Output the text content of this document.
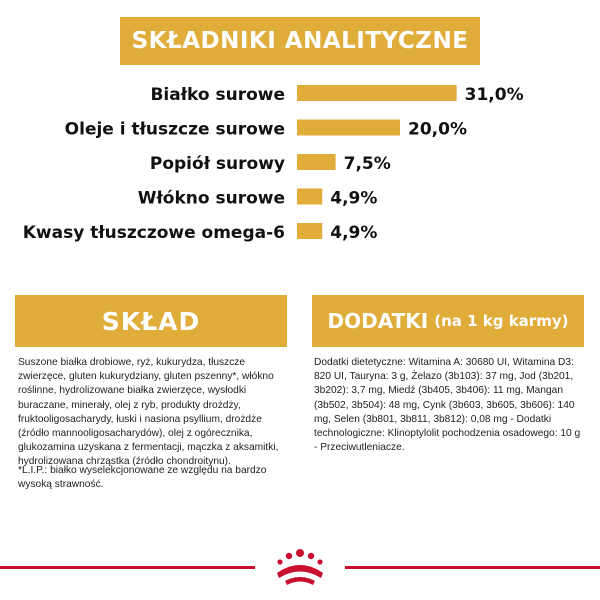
SKŁADNIKI ANALITYCZNE
Białko surowe	31,0%
Oleje i tłuszcze surowe	20,0%
Popiół surowy	7,5%
Włókno surowe	4,9%
Kwasy tłuszczowe omega-6	4,9%
SKŁAD	DODATKI (na 1 kg karmy)
Suszone białka drobiowe, ryż, kukurydza, tłuszcze zwierzęce, gluten kukurydziany, gluten pszenny*, włókno roślinne, hydrolizowane białka zwierzęce, wysłodki buraczane, minerały, olej z ryb, produkty drożdży, fruktooligosacharydy, łuski i nasiona psyllium, drożdże (źródło mannooligosacharydów), olej z ogórecznika, glukozamina uzyskana z fermentacji, mączka z aksamitki, hydrolizowana chrząstka (źródło chondroitynu).
*L.I.P.: białko wyselekcjonowane ze względu na bardzo wysoką strawność.
Dodatki dietetyczne: Witamina A: 30680 UI, Witamina D3: 820 UI, Tauryna: 3 g, Żelazo (3b103): 37 mg, Jod (3b201, 3b202): 3,7 mg, Miedź (3b405, 3b406): 11 mg, Mangan (3b502, 3b504): 48 mg, Cynk (3b603, 3b605, 3b606): 140 mg, Selen (3b801, 3b811, 3b812): 0,08 mg - Dodatki technologiczne: Klinoptylolit pochodzenia osadowego: 10 g - Przeciwutleniacze.
